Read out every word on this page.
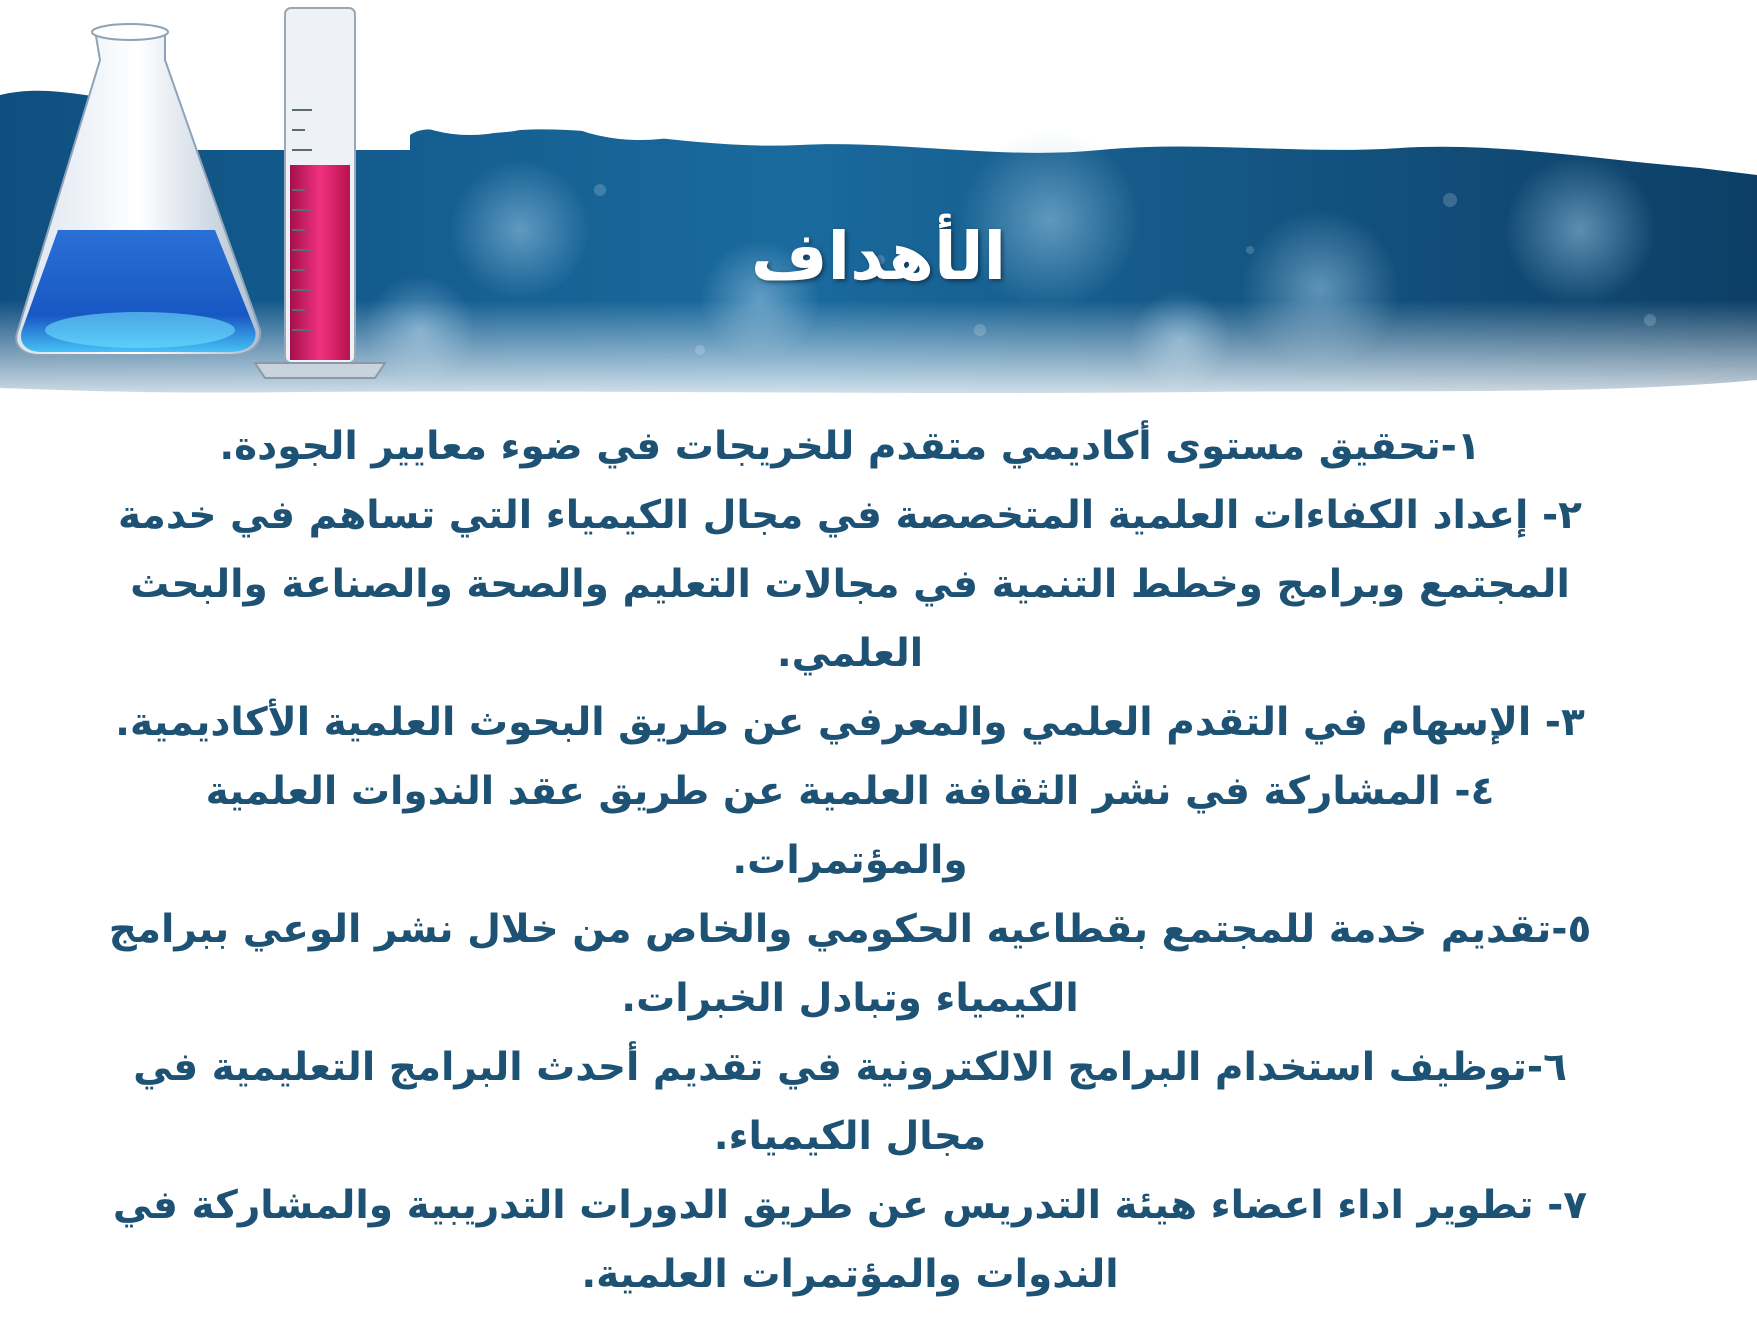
الأهداف

١-تحقيق مستوى أكاديمي متقدم للخريجات في ضوء معايير الجودة.

٢- إعداد الكفاءات العلمية المتخصصة في مجال الكيمياء التي تساهم في خدمة المجتمع وبرامج وخطط التنمية في مجالات التعليم والصحة والصناعة والبحث العلمي.

٣- الإسهام في التقدم العلمي والمعرفي عن طريق البحوث العلمية الأكاديمية.

٤- المشاركة في نشر الثقافة العلمية عن طريق عقد الندوات العلمية والمؤتمرات.

٥-تقديم خدمة للمجتمع بقطاعيه الحكومي والخاص من خلال نشر الوعي ببرامج الكيمياء وتبادل الخبرات.

٦-توظيف استخدام البرامج الالكترونية في تقديم أحدث البرامج التعليمية في مجال الكيمياء.

٧- تطوير اداء اعضاء هيئة التدريس عن طريق الدورات التدريبية والمشاركة في الندوات والمؤتمرات العلمية.
